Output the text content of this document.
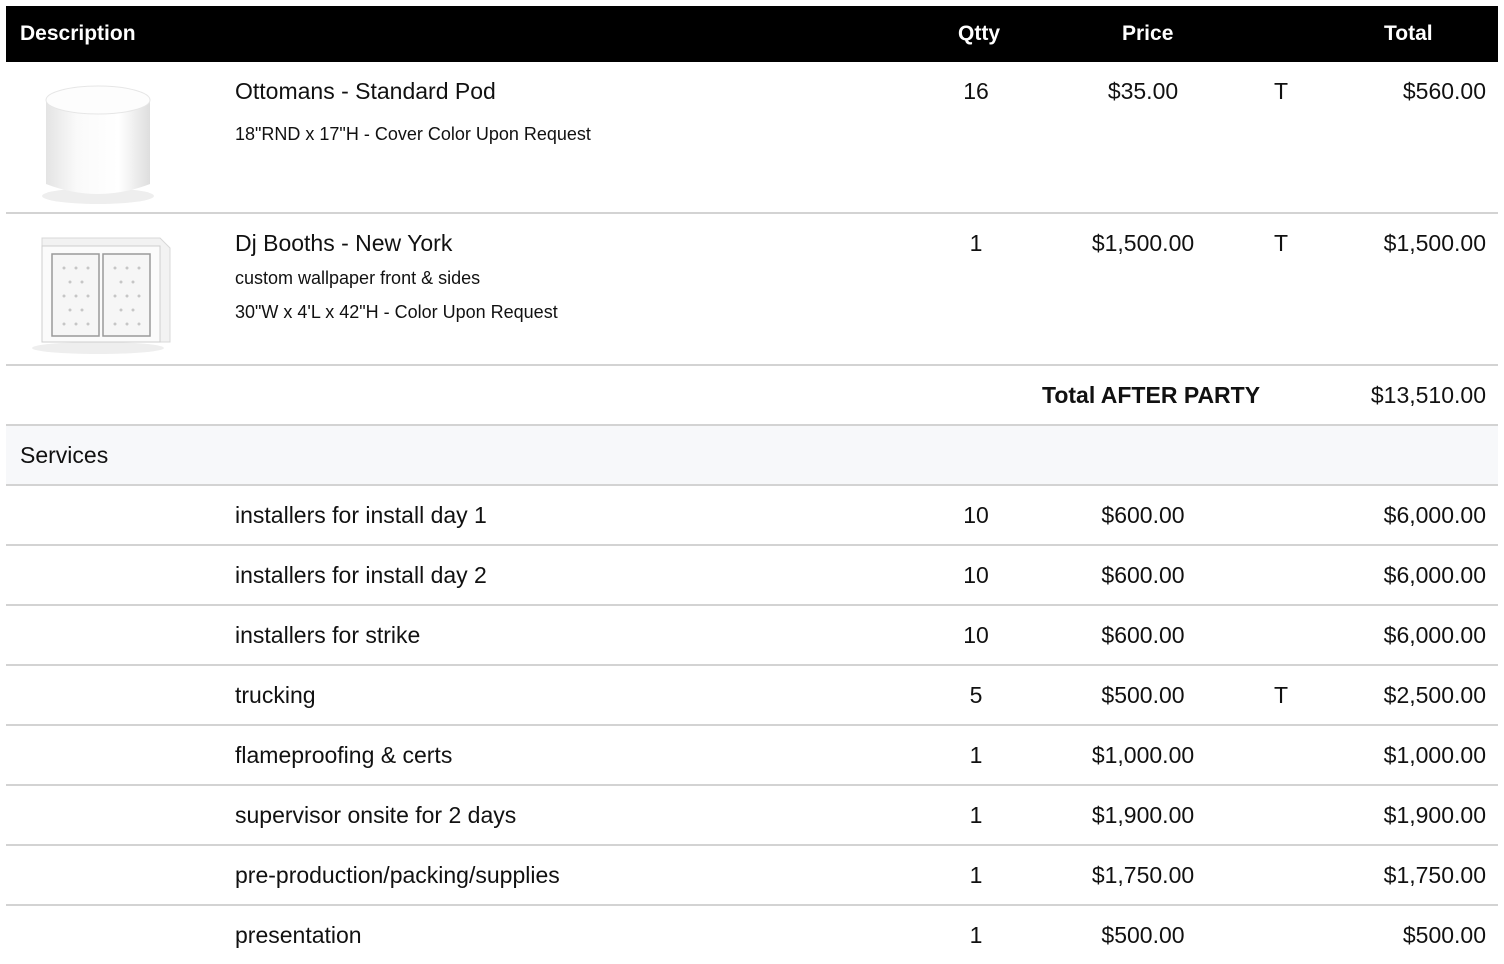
Description	Qtty	Price	Total
Ottomans - Standard Pod
18"RND x 17"H - Cover Color Upon Request
16	$35.00	T	$560.00
Dj Booths - New York
custom wallpaper front & sides
30"W x 4'L x 42"H - Color Upon Request
1	$1,500.00	T	$1,500.00
Total AFTER PARTY	$13,510.00
Services
installers for install day 1	10	$600.00	$6,000.00
installers for install day 2	10	$600.00	$6,000.00
installers for strike	10	$600.00	$6,000.00
trucking	5	$500.00	T	$2,500.00
flameproofing & certs	1	$1,000.00	$1,000.00
supervisor onsite for 2 days	1	$1,900.00	$1,900.00
pre-production/packing/supplies	1	$1,750.00	$1,750.00
presentation	1	$500.00	$500.00
